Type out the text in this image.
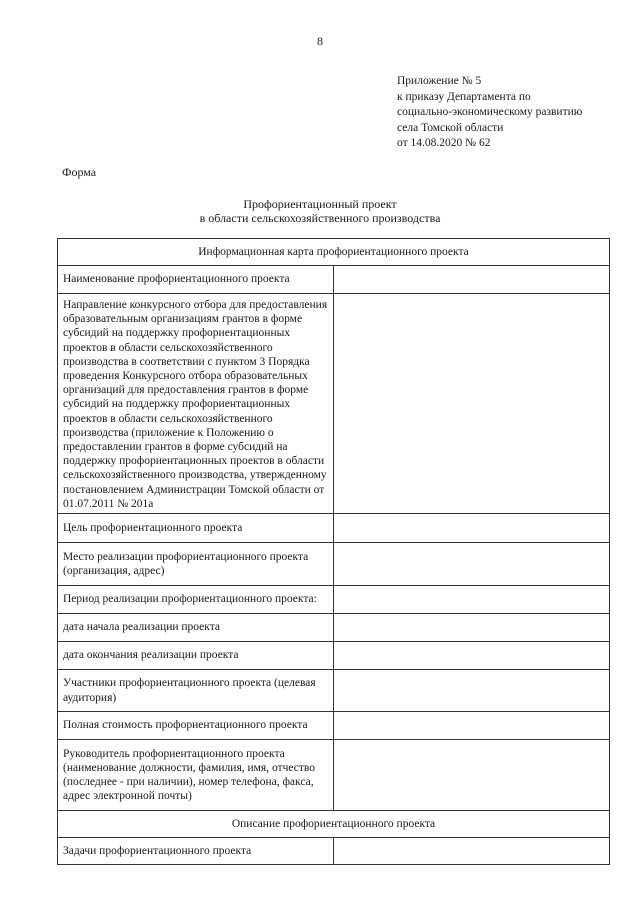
8
Приложение № 5
к приказу Департамента по
социально-экономическому развитию
села Томской области
от 14.08.2020 № 62
Форма
Профориентационный проект
в области сельскохозяйственного производства
Информационная карта профориентационного проекта	
Наименование профориентационного проекта	
Направление конкурсного отбора для предоставления образовательным организациям грантов в форме субсидий на поддержку профориентационных проектов в области сельскохозяйственного производства в соответствии с пунктом 3 Порядка проведения Конкурсного отбора образовательных организаций для предоставления грантов в форме субсидий на поддержку профориентационных проектов в области сельскохозяйственного производства (приложение к Положению о предоставлении грантов в форме субсидий на поддержку профориентационных проектов в области сельскохозяйственного производства, утвержденному постановлением Администрации Томской области от 01.07.2011 № 201а	
Цель профориентационного проекта	
Место реализации профориентационного проекта (организация, адрес)	
Период реализации профориентационного проекта:	
дата начала реализации проекта	
дата окончания реализации проекта	
Участники профориентационного проекта (целевая аудитория)	
Полная стоимость профориентационного проекта	
Руководитель профориентационного проекта (наименование должности, фамилия, имя, отчество (последнее - при наличии), номер телефона, факса, адрес электронной почты)	
Описание профориентационного проекта	
Задачи профориентационного проекта	
